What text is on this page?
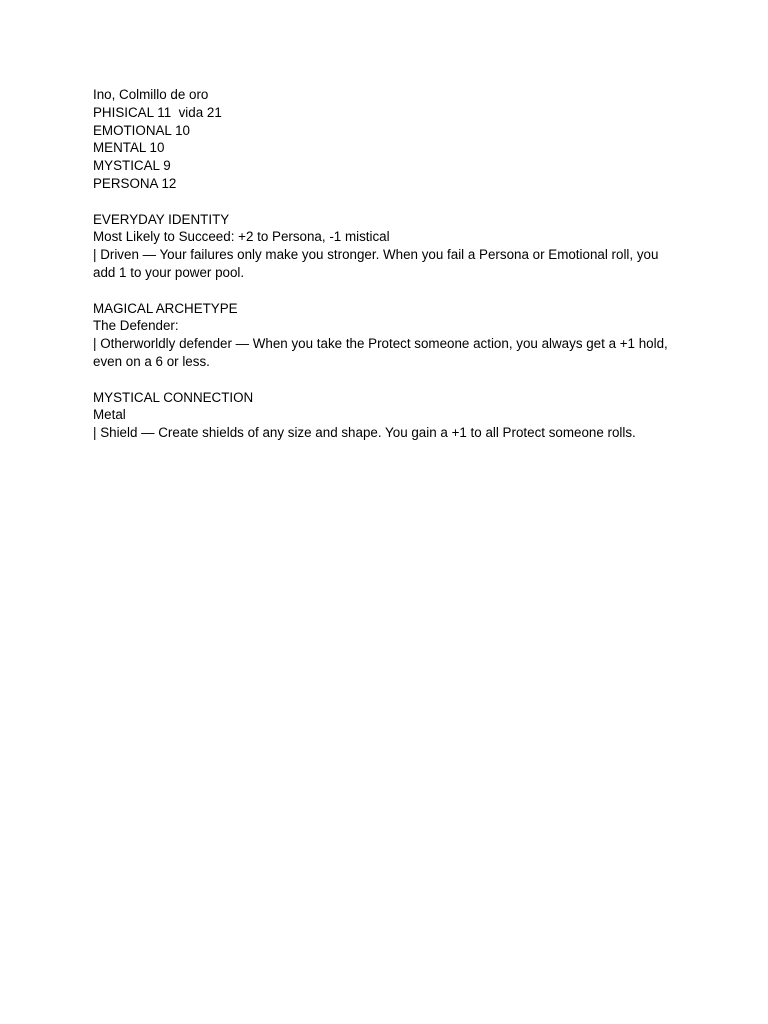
Ino, Colmillo de oro
PHISICAL 11  vida 21
EMOTIONAL 10
MENTAL 10
MYSTICAL 9
PERSONA 12
EVERYDAY IDENTITY
Most Likely to Succeed: +2 to Persona, -1 mistical

| Driven — Your failures only make you stronger. When you fail a Persona or Emotional roll, you add 1 to your power pool.

MAGICAL ARCHETYPE
The Defender:

| Otherworldly defender — When you take the Protect someone action, you always get a +1 hold, even on a 6 or less.

MYSTICAL CONNECTION
Metal

| Shield — Create shields of any size and shape. You gain a +1 to all Protect someone rolls.
